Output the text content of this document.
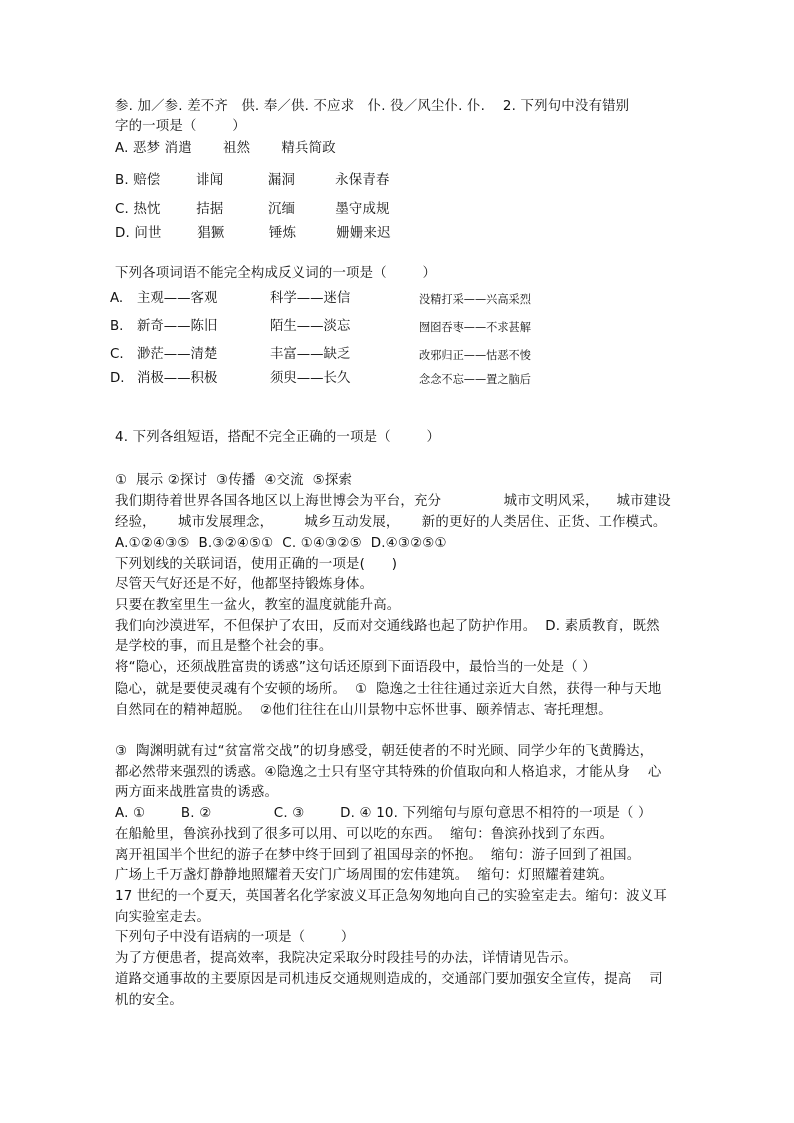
参. 加／参. 差不齐   供. 奉／供. 不应求   仆. 役／风尘仆. 仆.    2. 下列句中没有错别
字的一项是（        ）
A. 恶梦 消遣       祖然       精兵简政
B. 赔偿        诽闻          漏洞         永保青春
C. 热忱        拮据          沉缅         墨守成规
D. 问世        猖獗          锤炼         姗姗来迟
下列各项词语不能完全构成反义词的一项是（        ）
A. 主观——客观	科学——迷信	没精打采——兴高采烈
B. 新奇——陈旧	陌生——淡忘	囫囵吞枣——不求甚解
C. 渺茫——清楚	丰富——缺乏	改邪归正——怙恶不悛
D. 消极——积极	须臾——长久	念念不忘——置之脑后
4. 下列各组短语，搭配不完全正确的一项是（        ）
①  展示 ②探讨  ③传播  ④交流  ⑤探索
我们期待着世界各国各地区以上海世博会为平台，充分              城市文明风采，    城市建设
经验，     城市发展理念，       城乡互动发展，     新的更好的人类居住、正货、工作模式。
A.①②④③⑤  B.③②④⑤①  C. ①④③②⑤  D.④③②⑤①
下列划线的关联词语，使用正确的一项是(      )
尽管天气好还是不好，他都坚持锻炼身体。
只要在教室里生一盆火，教室的温度就能升高。
我们向沙漠进军，不但保护了农田，反而对交通线路也起了防护作用。  D. 素质教育，既然
是学校的事，而且是整个社会的事。
将“隐心，还须战胜富贵的诱惑”这句话还原到下面语段中，最恰当的一处是（ ）
隐心，就是要使灵魂有个安顿的场所。  ①  隐逸之士往往通过亲近大自然，获得一种与天地
自然同在的精神超脱。  ②他们往往在山川景物中忘怀世事、颐养情志、寄托理想。
③  陶渊明就有过“贫富常交战”的切身感受，朝廷使者的不时光顾、同学少年的飞黄腾达，
都必然带来强烈的诱惑。④隐逸之士只有坚守其特殊的价值取向和人格追求，才能从身    心
两方面来战胜富贵的诱惑。
A. ①        B. ②              C. ③        D. ④ 10. 下列缩句与原句意思不相符的一项是（ ）
在船舱里，鲁滨孙找到了很多可以用、可以吃的东西。  缩句：鲁滨孙找到了东西。
离开祖国半个世纪的游子在梦中终于回到了祖国母亲的怀抱。  缩句：游子回到了祖国。
广场上千万盏灯静静地照耀着天安门广场周围的宏伟建筑。  缩句：灯照耀着建筑。
17 世纪的一个夏天，英国著名化学家波义耳正急匆匆地向自己的实验室走去。缩句：波义耳
向实验室走去。
下列句子中没有语病的一项是（        ）
为了方便患者，提高效率，我院决定采取分时段挂号的办法，详情请见告示。
道路交通事故的主要原因是司机违反交通规则造成的，交通部门要加强安全宣传，提高    司
机的安全。
